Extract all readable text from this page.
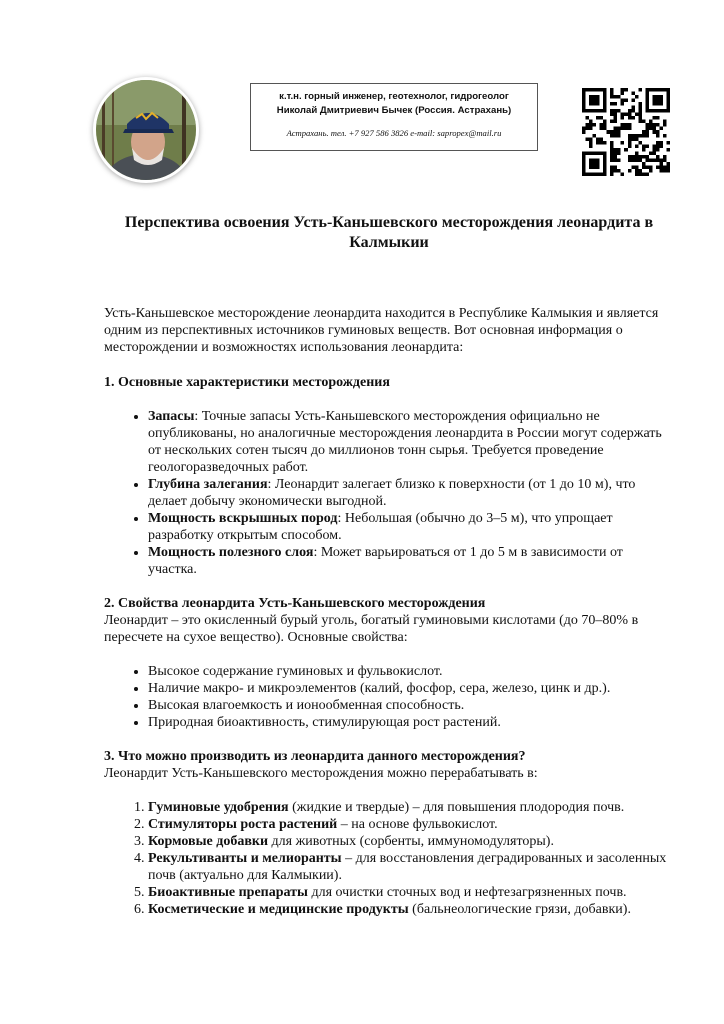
к.т.н. горный инженер, геотехнолог, гидрогеолог
Николай Дмитриевич Бычек (Россия. Астрахань)
Астрахань. тел. +7 927 586 3826 e-mail: sapropex@mail.ru
Перспектива освоения Усть-Каньшевского месторождения леонардита в Калмыкии

Усть-Каньшевское месторождение леонардита находится в Республике Калмыкия и является одним из перспективных источников гуминовых веществ. Вот основная информация о месторождении и возможностях использования леонардита:

1. Основные характеристики месторождения
• Запасы: Точные запасы Усть-Каньшевского месторождения официально не опубликованы, но аналогичные месторождения леонардита в России могут содержать от нескольких сотен тысяч до миллионов тонн сырья. Требуется проведение геологоразведочных работ.
• Глубина залегания: Леонардит залегает близко к поверхности (от 1 до 10 м), что делает добычу экономически выгодной.
• Мощность вскрышных пород: Небольшая (обычно до 3–5 м), что упрощает разработку открытым способом.
• Мощность полезного слоя: Может варьироваться от 1 до 5 м в зависимости от участка.
2. Свойства леонардита Усть-Каньшевского месторождения

Леонардит – это окисленный бурый уголь, богатый гуминовыми кислотами (до 70–80% в пересчете на сухое вещество). Основные свойства:

• Высокое содержание гуминовых и фульвокислот.
• Наличие макро- и микроэлементов (калий, фосфор, сера, железо, цинк и др.).
• Высокая влагоемкость и ионообменная способность.
• Природная биоактивность, стимулирующая рост растений.
3. Что можно производить из леонардита данного месторождения?

Леонардит Усть-Каньшевского месторождения можно перерабатывать в:

1. Гуминовые удобрения (жидкие и твердые) – для повышения плодородия почв.
2. Стимуляторы роста растений – на основе фульвокислот.
3. Кормовые добавки для животных (сорбенты, иммуномодуляторы).
4. Рекультиванты и мелиоранты – для восстановления деградированных и засоленных почв (актуально для Калмыкии).
5. Биоактивные препараты для очистки сточных вод и нефтезагрязненных почв.
6. Косметические и медицинские продукты (бальнеологические грязи, добавки).
